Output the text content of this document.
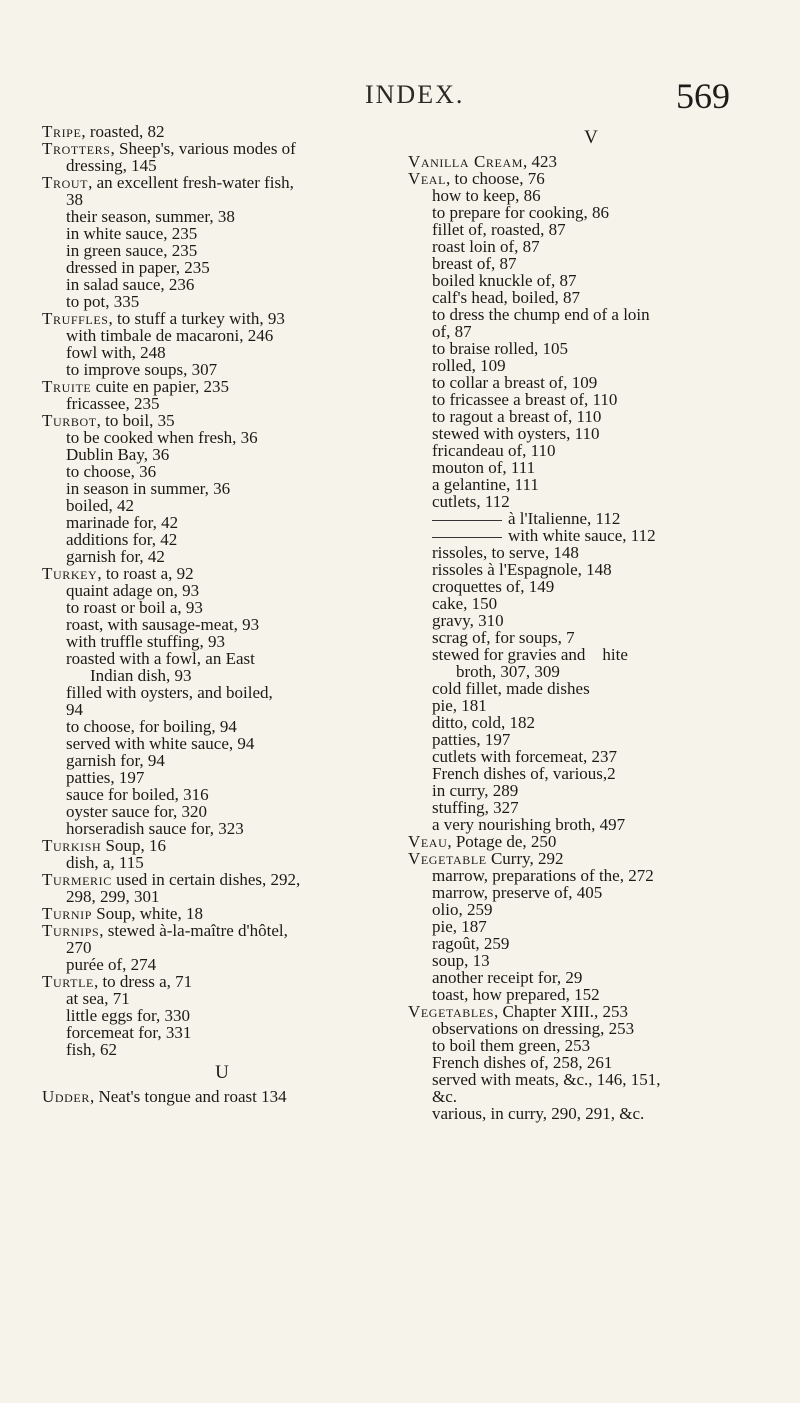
INDEX.	569
Tripe, roasted, 82
Trotters, Sheep's, various modes of
dressing, 145
Trout, an excellent fresh-water fish,
38
their season, summer, 38
in white sauce, 235
in green sauce, 235
dressed in paper, 235
in salad sauce, 236
to pot, 335
Truffles, to stuff a turkey with, 93
with timbale de macaroni, 246
fowl with, 248
to improve soups, 307
Truite cuite en papier, 235
fricassee, 235
Turbot, to boil, 35
to be cooked when fresh, 36
Dublin Bay, 36
to choose, 36
in season in summer, 36
boiled, 42
marinade for, 42
additions for, 42
garnish for, 42
Turkey, to roast a, 92
quaint adage on, 93
to roast or boil a, 93
roast, with sausage-meat, 93
with truffle stuffing, 93
roasted with a fowl, an East
Indian dish, 93
filled with oysters, and boiled,
94
to choose, for boiling, 94
served with white sauce, 94
garnish for, 94
patties, 197
sauce for boiled, 316
oyster sauce for, 320
horseradish sauce for, 323
Turkish Soup, 16
dish, a, 115
Turmeric used in certain dishes, 292,
298, 299, 301
Turnip Soup, white, 18
Turnips, stewed à-la-maître d'hôtel,
270
purée of, 274
Turtle, to dress a, 71
at sea, 71
little eggs for, 330
forcemeat for, 331
fish, 62
U
Udder, Neat's tongue and roast 134
V
Vanilla Cream, 423
Veal, to choose, 76
how to keep, 86
to prepare for cooking, 86
fillet of, roasted, 87
roast loin of, 87
breast of, 87
boiled knuckle of, 87
calf's head, boiled, 87
to dress the chump end of a loin
of, 87
to braise rolled, 105
rolled, 109
to collar a breast of, 109
to fricassee a breast of, 110
to ragout a breast of, 110
stewed with oysters, 110
fricandeau of, 110
mouton of, 111
a gelantine, 111
cutlets, 112
à l'Italienne, 112
with white sauce, 112
rissoles, to serve, 148
rissoles à l'Espagnole, 148
croquettes of, 149
cake, 150
gravy, 310
scrag of, for soups, 7
stewed for gravies and    hite
broth, 307, 309
cold fillet, made dishes
pie, 181
ditto, cold, 182
patties, 197
cutlets with forcemeat, 237
French dishes of, various,2
in curry, 289
stuffing, 327
a very nourishing broth, 497
Veau, Potage de, 250
Vegetable Curry, 292
marrow, preparations of the, 272
marrow, preserve of, 405
olio, 259
pie, 187
ragoût, 259
soup, 13
another receipt for, 29
toast, how prepared, 152
Vegetables, Chapter XIII., 253
observations on dressing, 253
to boil them green, 253
French dishes of, 258, 261
served with meats, &c., 146, 151,
&c.
various, in curry, 290, 291, &c.
